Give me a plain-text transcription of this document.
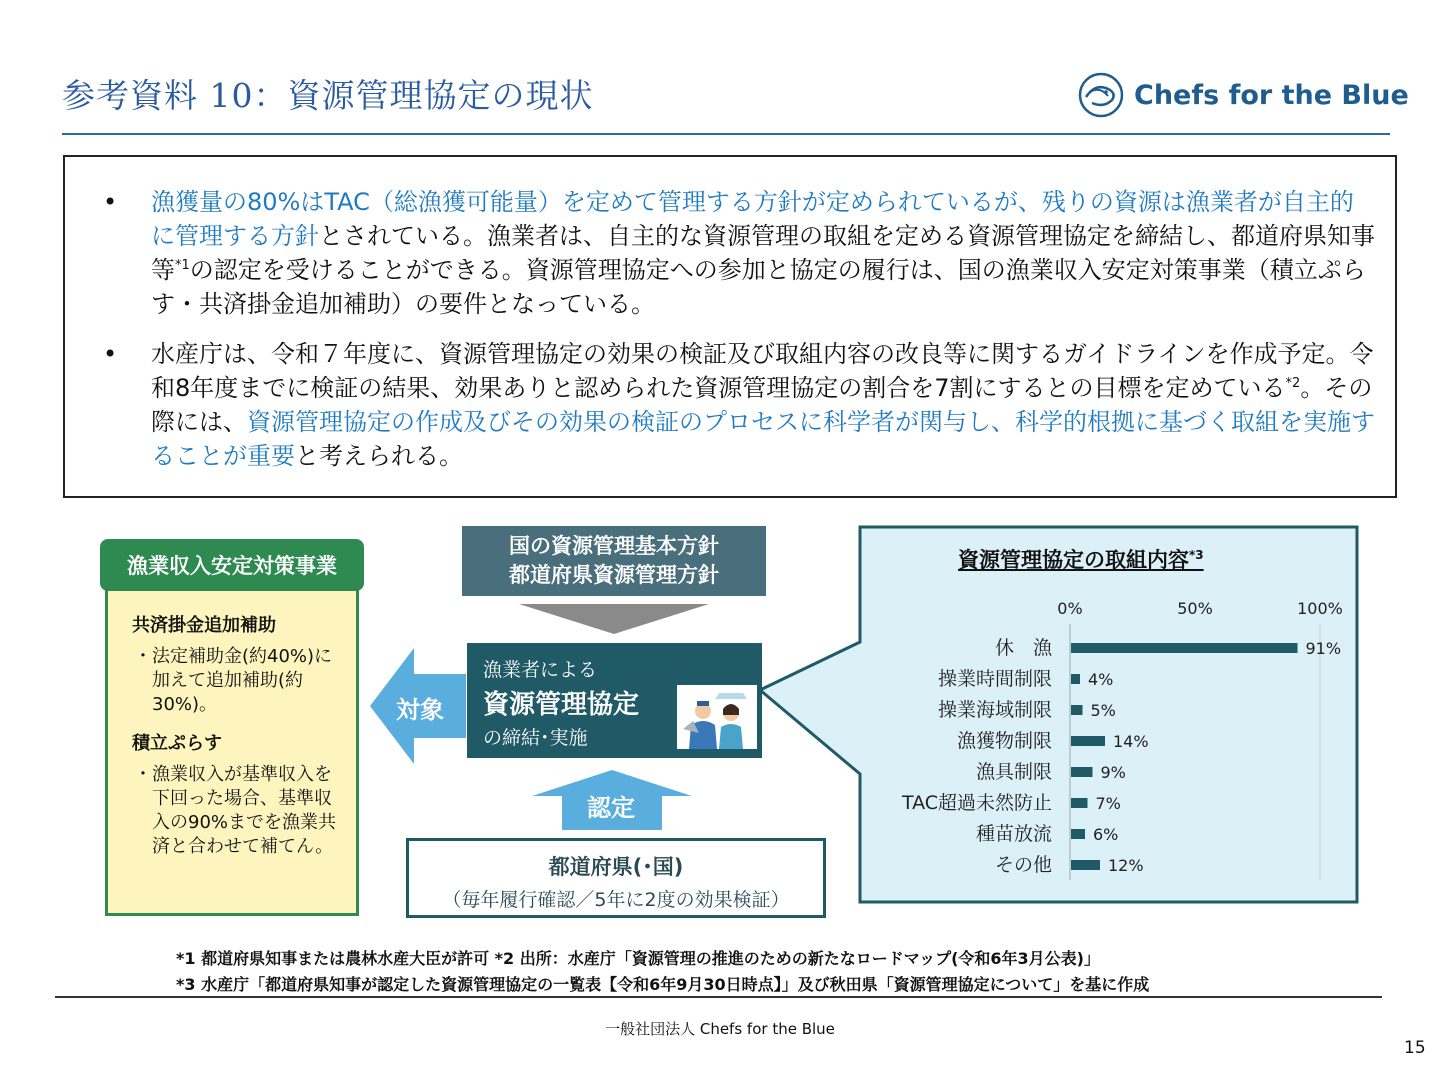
参考資料 10：資源管理協定の現状	Chefs for the Blue
• 漁獲量の80%はTAC（総漁獲可能量）を定めて管理する方針が定められているが、残りの資源は漁業者が自主的に管理する方針とされている。漁業者は、自主的な資源管理の取組を定める資源管理協定を締結し、都道府県知事等$^{*1}$の認定を受けることができる。資源管理協定への参加と協定の履行は、国の漁業収入安定対策事業（積立ぷらす・共済掛金追加補助）の要件となっている。
• 水産庁は、令和７年度に、資源管理協定の効果の検証及び取組内容の改良等に関するガイドラインを作成予定。令和8年度までに検証の結果、効果ありと認められた資源管理協定の割合を7割にするとの目標を定めている$^{*2}$。その際には、資源管理協定の作成及びその効果の検証のプロセスに科学者が関与し、科学的根拠に基づく取組を実施することが重要と考えられる。
漁業収入安定対策事業
共済掛金追加補助
・ 法定補助金(約40%)に加えて追加補助(約30%)。
積立ぷらす
・ 漁業収入が基準収入を下回った場合、基準収入の90%までを漁業共済と合わせて補てん。
対象
国の資源管理基本方針
都道府県資源管理方針
漁業者による
資源管理協定
の締結･実施
認定
都道府県(･国)
（毎年履行確認／5年に2度の効果検証）
資源管理協定の取組内容$^{*3}$
0%	50%	100%
休　漁	91%
操業時間制限 4%
操業海域制限 5%
漁獲物制限	14%
漁具制限	9%
TAC超過未然防止	7%
種苗放流	6%
その他	12%
*1 都道府県知事または農林水産大臣が許可 *2 出所：水産庁「資源管理の推進のための新たなロードマップ(令和6年3月公表)」
*3 水産庁「都道府県知事が認定した資源管理協定の一覧表【令和6年9月30日時点】」及び秋田県「資源管理協定について」を基に作成
一般社団法人 Chefs for the Blue
15
